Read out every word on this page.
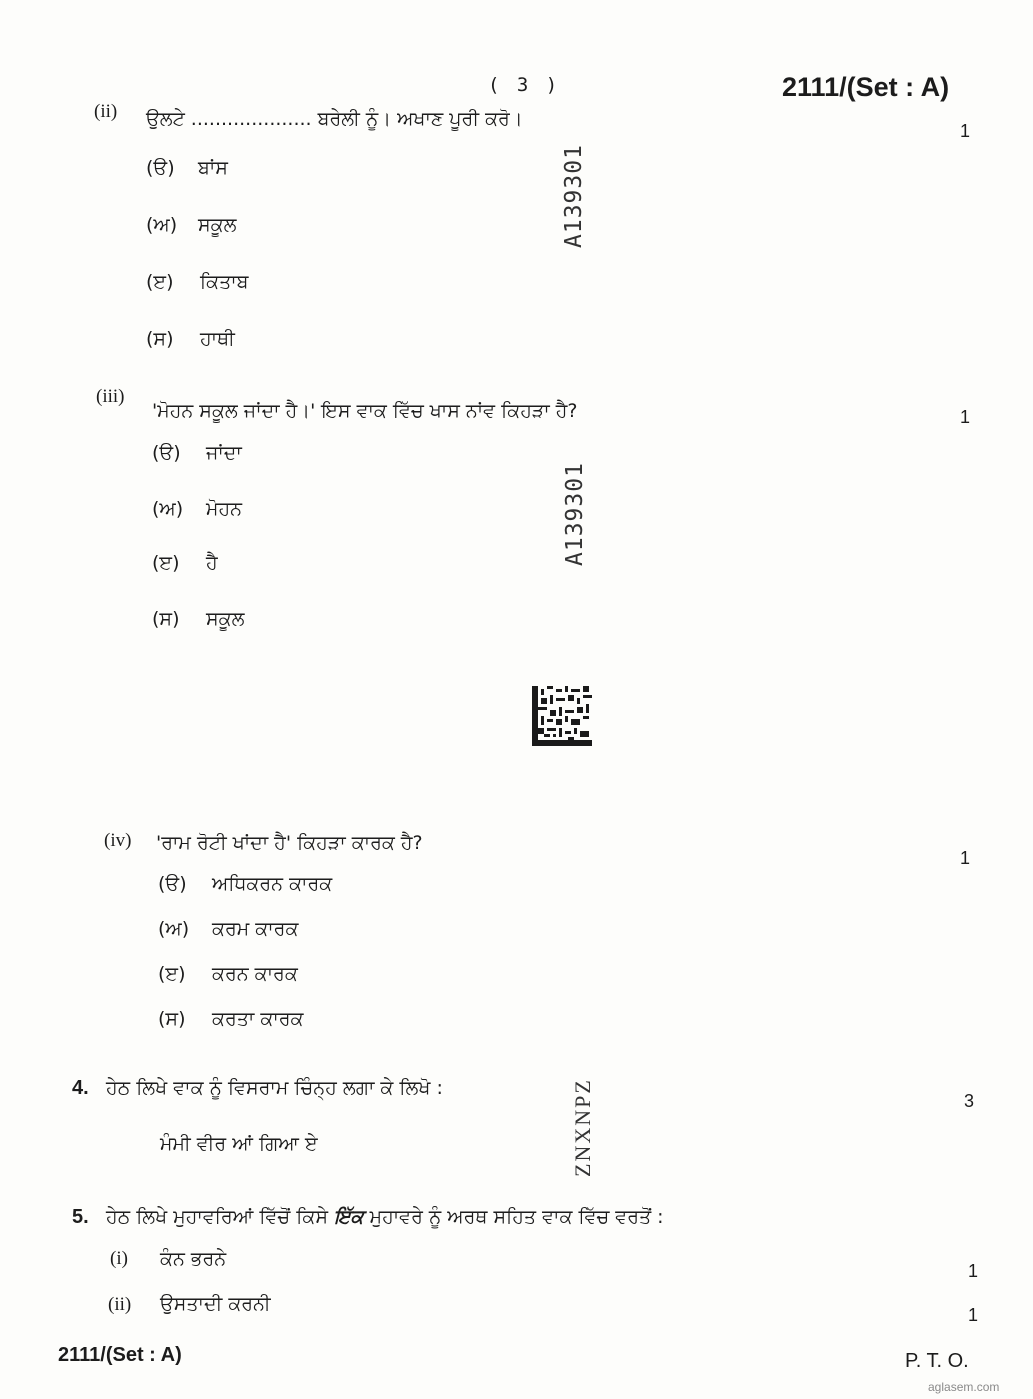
( 3 )	2111/(Set : A)
(ii) ਉਲਟੇ .................... ਬਰੇਲੀ ਨੂੰ। ਅਖਾਣ ਪੂਰੀ ਕਰੋ।
1
(ੳ) ਬਾਂਸ
(ਅ) ਸਕੂਲ
(ੲ) ਕਿਤਾਬ
(ਸ) ਹਾਥੀ
A139301
(iii)
'ਮੋਹਨ ਸਕੂਲ ਜਾਂਦਾ ਹੈ।' ਇਸ ਵਾਕ ਵਿੱਚ ਖਾਸ ਨਾਂਵ ਕਿਹੜਾ ਹੈ?	1
(ੳ) ਜਾਂਦਾ
(ਅ) ਮੋਹਨ
(ੲ) ਹੈ
(ਸ) ਸਕੂਲ
A139301
(iv) 'ਰਾਮ ਰੋਟੀ ਖਾਂਦਾ ਹੈ' ਕਿਹੜਾ ਕਾਰਕ ਹੈ?
1
(ੳ) ਅਧਿਕਰਨ ਕਾਰਕ
(ਅ) ਕਰਮ ਕਾਰਕ
(ੲ) ਕਰਨ ਕਾਰਕ
(ਸ) ਕਰਤਾ ਕਾਰਕ
4. ਹੇਠ ਲਿਖੇ ਵਾਕ ਨੂੰ ਵਿਸਰਾਮ ਚਿੰਨ੍ਹ ਲਗਾ ਕੇ ਲਿਖੋ :
3
ਮੰਮੀ ਵੀਰ ਆਂ ਗਿਆ ਏ	ZNXNPZ
5. ਹੇਠ ਲਿਖੇ ਮੁਹਾਵਰਿਆਂ ਵਿੱਚੋਂ ਕਿਸੇ ਇੱਕ ਮੁਹਾਵਰੇ ਨੂੰ ਅਰਥ ਸਹਿਤ ਵਾਕ ਵਿੱਚ ਵਰਤੋਂ :
(i) ਕੰਨ ਭਰਨੇ
1
(ii) ਉਸਤਾਦੀ ਕਰਨੀ	1
2111/(Set : A)	P. T. O.
aglasem.com
